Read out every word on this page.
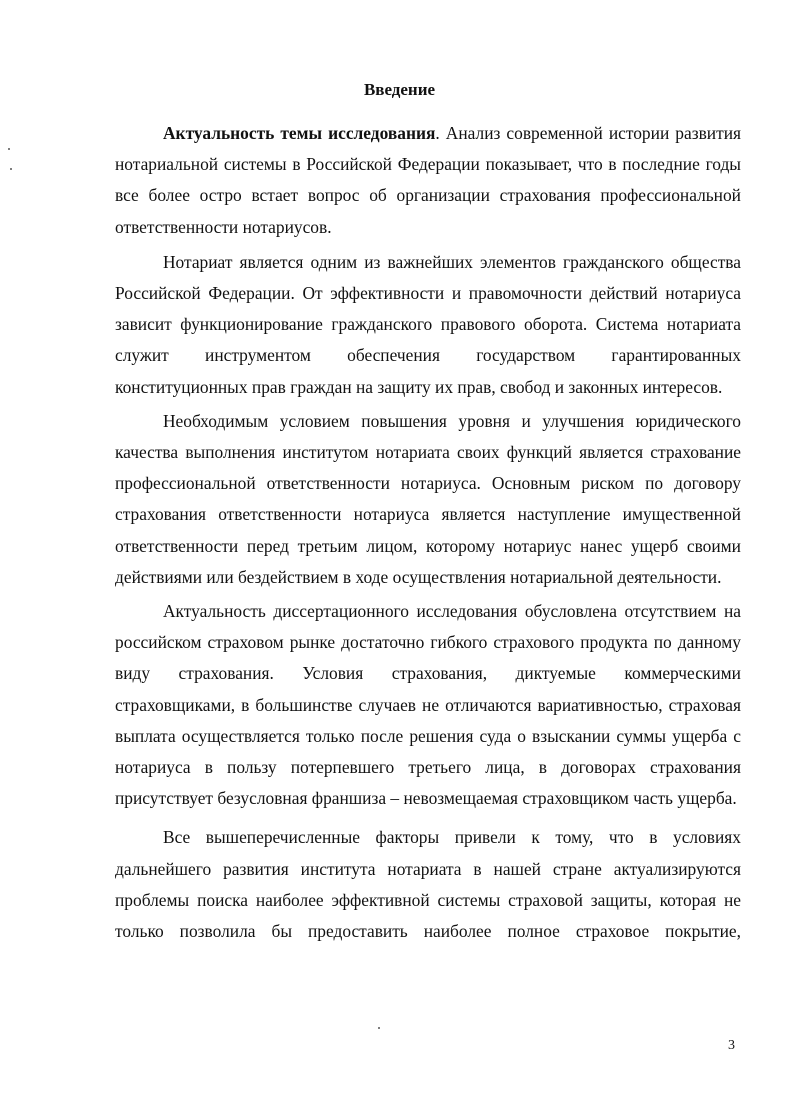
Введение

Актуальность темы исследования. Анализ современной истории развития нотариальной системы в Российской Федерации показывает, что в последние годы все более остро встает вопрос об организации страхования профессиональной ответственности нотариусов.

Нотариат является одним из важнейших элементов гражданского общества Российской Федерации. От эффективности и правомочности действий нотариуса зависит функционирование гражданского правового оборота. Система нотариата служит инструментом обеспечения государством гарантированных конституционных прав граждан на защиту их прав, свобод и законных интересов.

Необходимым условием повышения уровня и улучшения юридического качества выполнения институтом нотариата своих функций является страхование профессиональной ответственности нотариуса. Основным риском по договору страхования ответственности нотариуса является наступление имущественной ответственности перед третьим лицом, которому нотариус нанес ущерб своими действиями или бездействием в ходе осуществления нотариальной деятельности.

Актуальность диссертационного исследования обусловлена отсутствием на российском страховом рынке достаточно гибкого страхового продукта по данному виду страхования. Условия страхования, диктуемые коммерческими страховщиками, в большинстве случаев не отличаются вариативностью, страховая выплата осуществляется только после решения суда о взыскании суммы ущерба с нотариуса в пользу потерпевшего третьего лица, в договорах страхования присутствует безусловная франшиза – невозмещаемая страховщиком часть ущерба.

Все вышеперечисленные факторы привели к тому, что в условиях дальнейшего развития института нотариата в нашей стране актуализируются проблемы поиска наиболее эффективной системы страховой защиты, которая не только позволила бы предоставить наиболее полное страховое покрытие,

3
